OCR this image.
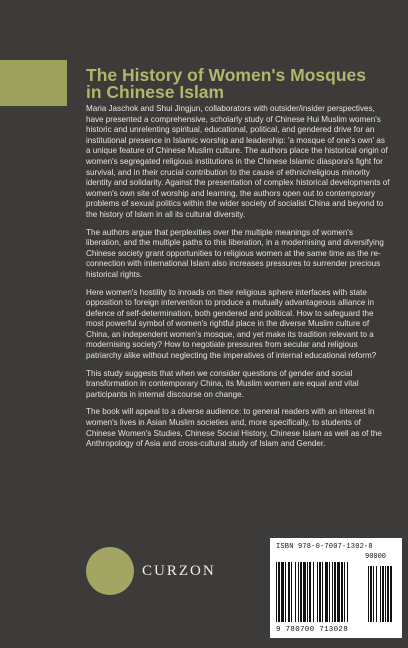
The History of Women's Mosques in Chinese Islam

Maria Jaschok and Shui Jingjun, collaborators with outsider/insider perspectives, have presented a comprehensive, scholarly study of Chinese Hui Muslim women's historic and unrelenting spiritual, educational, political, and gendered drive for an institutional presence in Islamic worship and leadership: 'a mosque of one's own' as a unique feature of Chinese Muslim culture. The authors place the historical origin of women's segregated religious institutions in the Chinese Islamic diaspora's fight for survival, and in their crucial contribution to the cause of ethnic/religious minority identity and solidarity. Against the presentation of complex historical developments of women's own site of worship and learning, the authors open out to contemporary problems of sexual politics within the wider society of socialist China and beyond to the history of Islam in all its cultural diversity.

The authors argue that perplexities over the multiple meanings of women's liberation, and the multiple paths to this liberation, in a modernising and diversifying Chinese society grant opportunities to religious women at the same time as the re-connection with international Islam also increases pressures to surrender precious historical rights.

Here women's hostility to inroads on their religious sphere interfaces with state opposition to foreign intervention to produce a mutually advantageous alliance in defence of self-determination, both gendered and political. How to safeguard the most powerful symbol of women's rightful place in the diverse Muslim culture of China, an independent women's mosque, and yet make its tradition relevant to a modernising society? How to negotiate pressures from secular and religious patriarchy alike without neglecting the imperatives of internal educational reform?

This study suggests that when we consider questions of gender and social transformation in contemporary China, its Muslim women are equal and vital participants in internal discourse on change.

The book will appeal to a diverse audience: to general readers with an interest in women's lives in Asian Muslim societies and, more specifically, to students of Chinese Women's Studies, Chinese Social History, Chinese Islam as well as of the Anthropology of Asia and cross-cultural study of Islam and Gender.

CURZON
ISBN 978-0-7007-1302-8
90000
9 780700 713028
